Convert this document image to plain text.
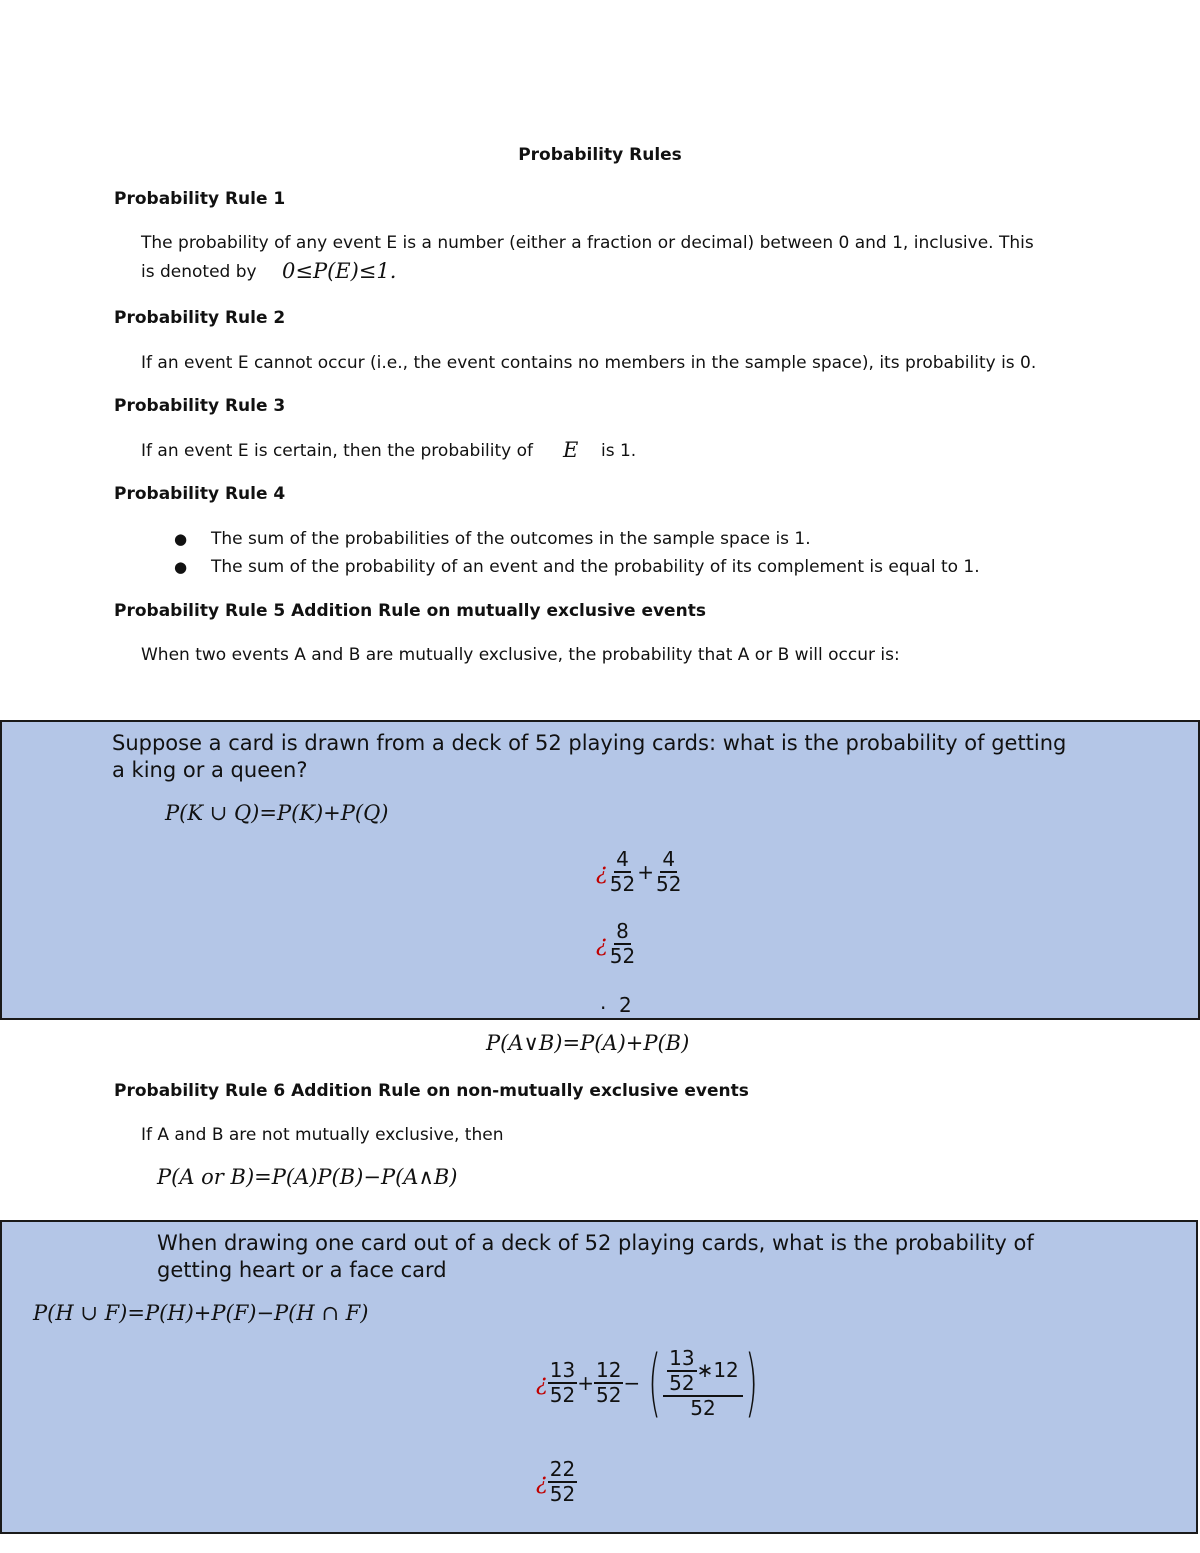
Probability Rules
Probability Rule 1
The probability of any event E is a number (either a fraction or decimal) between 0 and 1, inclusive. This
is denoted by 0≤P(E)≤1.
Probability Rule 2
If an event E cannot occur (i.e., the event contains no members in the sample space), its probability is 0.
Probability Rule 3
If an event E is certain, then the probability of E is 1.
Probability Rule 4
● The sum of the probabilities of the outcomes in the sample space is 1.
● The sum of the probability of an event and the probability of its complement is equal to 1.
Probability Rule 5 Addition Rule on mutually exclusive events
When two events A and B are mutually exclusive, the probability that A or B will occur is:
Suppose a card is drawn from a deck of 52 playing cards: what is the probability of getting a king or a queen?
P(K ∪ Q)=P(K)+P(Q)
¿ $\frac{4}{52} + \frac{4}{52}$
¿ $\frac{8}{52}$
. 2
P(A∨B)=P(A)+P(B)
Probability Rule 6 Addition Rule on non-mutually exclusive events
If A and B are not mutually exclusive, then
P(A or B)=P(A)P(B)−P(A∧B)
When drawing one card out of a deck of 52 playing cards, what is the probability of getting heart or a face card
P(H ∪ F)=P(H)+P(F)−P(H ∩ F)
¿ $\frac{13}{52} + \frac{12}{52}$ − ( $\frac{\frac{13}{52} ∗12}{52}$ )
¿ $\frac{22}{52}$
